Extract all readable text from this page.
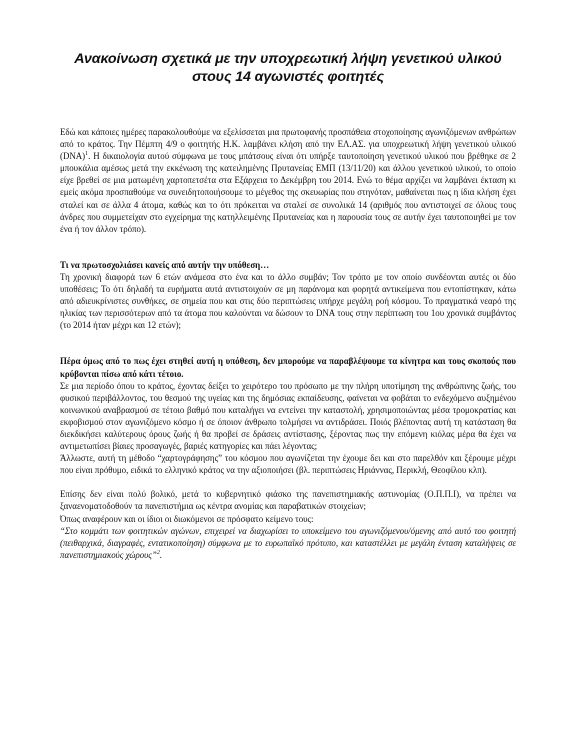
Ανακοίνωση σχετικά με την υποχρεωτική λήψη γενετικού υλικού
στους 14 αγωνιστές φοιτητές

Εδώ και κάποιες ημέρες παρακολουθούμε να εξελίσσεται μια πρωτοφανής προσπάθεια στοχοποίησης αγωνιζόμενων ανθρώπων από το κράτος. Την Πέμπτη 4/9 ο φοιτητής Η.Κ. λαμβάνει κλήση από την ΕΛ.ΑΣ. για υποχρεωτική λήψη γενετικού υλικού (DNA)$^1$. Η δικαιολογία αυτού σύμφωνα με τους μπάτσους είναι ότι υπήρξε ταυτοποίηση γενετικού υλικού που βρέθηκε σε 2 μπουκάλια αμέσως μετά την εκκένωση της κατειλημένης Πρυτανείας ΕΜΠ (13/11/20) και άλλου γενετικού υλικού, το οποίο είχε βρεθεί σε μια ματωμένη χαρτοπετσέτα στα Εξάρχεια το Δεκέμβρη του 2014. Ενώ το θέμα αρχίζει να λαμβάνει έκταση κι εμείς ακόμα προσπαθούμε να συνειδητοποιήσουμε το μέγεθος της σκευωρίας που στηνόταν, μαθαίνεται πως η ίδια κλήση έχει σταλεί και σε άλλα 4 άτομα, καθώς και το ότι πρόκειται να σταλεί σε συνολικά 14 (αριθμός που αντιστοιχεί σε όλους τους άνδρες που συμμετείχαν στο εγχείρημα της κατηλλειμένης Πρυτανείας και η παρουσία τους σε αυτήν έχει ταυτοποιηθεί με τον ένα ή τον άλλον τρόπο).

Τι να πρωτοσχολιάσει κανείς από αυτήν την υπόθεση…

Τη χρονική διαφορά των 6 ετών ανάμεσα στο ένα και το άλλο συμβάν; Τον τρόπο με τον οποίο συνδέονται αυτές οι δύο υποθέσεις; Το ότι δηλαδή τα ευρήματα αυτά αντιστοιχούν σε μη παράνομα και φορητά αντικείμενα που εντοπίστηκαν, κάτω από αδιευκρίνιστες συνθήκες, σε σημεία που και στις δύο περιπτώσεις υπήρχε μεγάλη ροή κόσμου. Το πραγματικά νεαρό της ηλικίας των περισσότερων από τα άτομα που καλούνται να δώσουν το DNA τους στην περίπτωση του 1ου χρονικά συμβάντος (το 2014 ήταν μέχρι και 12 ετών);

Πέρα όμως από το πως έχει στηθεί αυτή η υπόθεση, δεν μπορούμε να παραβλέψουμε τα κίνητρα και τους σκοπούς που κρύβονται πίσω από κάτι τέτοιο.

Σε μια περίοδο όπου το κράτος, έχοντας δείξει το χειρότερο του πρόσωπο με την πλήρη υποτίμηση της ανθρώπινης ζωής, του φυσικού περιβάλλοντος, του θεσμού της υγείας και της δημόσιας εκπαίδευσης, φαίνεται να φοβάται το ενδεχόμενο αυξημένου κοινωνικού αναβρασμού σε τέτοιο βαθμό που καταλήγει να εντείνει την καταστολή, χρησιμοποιώντας μέσα τρομοκρατίας και εκφοβισμού στον αγωνιζόμενο κόσμο ή σε όποιον άνθρωπο τολμήσει να αντιδράσει. Ποιός βλέποντας αυτή τη κατάσταση θα διεκδικήσει καλύτερους όρους ζωής ή θα προβεί σε δράσεις αντίστασης, ξέροντας πως την επόμενη κιόλας μέρα θα έχει να αντιμετωπίσει βίαιες προσαγωγές, βαριές κατηγορίες και πάει λέγοντας;

Άλλωστε, αυτή τη μέθοδο “χαρτογράφησης” του κόσμου που αγωνίζεται την έχουμε δει και στο παρελθόν και ξέρουμε μέχρι που είναι πρόθυμο, ειδικά το ελληνικό κράτος να την αξιοποιήσει (βλ. περιπτώσεις Ηριάννας, Περικλή, Θεοφίλου κλπ).

Επίσης δεν είναι πολύ βολικό, μετά το κυβερνητικό φιάσκο της πανεπιστημιακής αστυνομίας (Ο.Π.Π.Ι), να πρέπει να ξαναενοματοδοθούν τα πανεπιστήμια ως κέντρα ανομίας και παραβατικών στοιχείων;

Όπως αναφέρουν και οι ίδιοι οι διωκόμενοι σε πρόσφατο κείμενο τους:

“Στο κομμάτι των φοιτητικών αγώνων, επιχειρεί να διαχωρίσει το υποκείμενο του αγωνιζόμενου/όμενης από αυτό του φοιτητή (πειθαρχικά, διαγραφές, εντατικοποίηση) σύμφωνα με το ευρωπαϊκό πρότυπο, και καταστέλλει με μεγάλη ένταση καταλήψεις σε πανεπιστημιακούς χώρους”$^2$.
